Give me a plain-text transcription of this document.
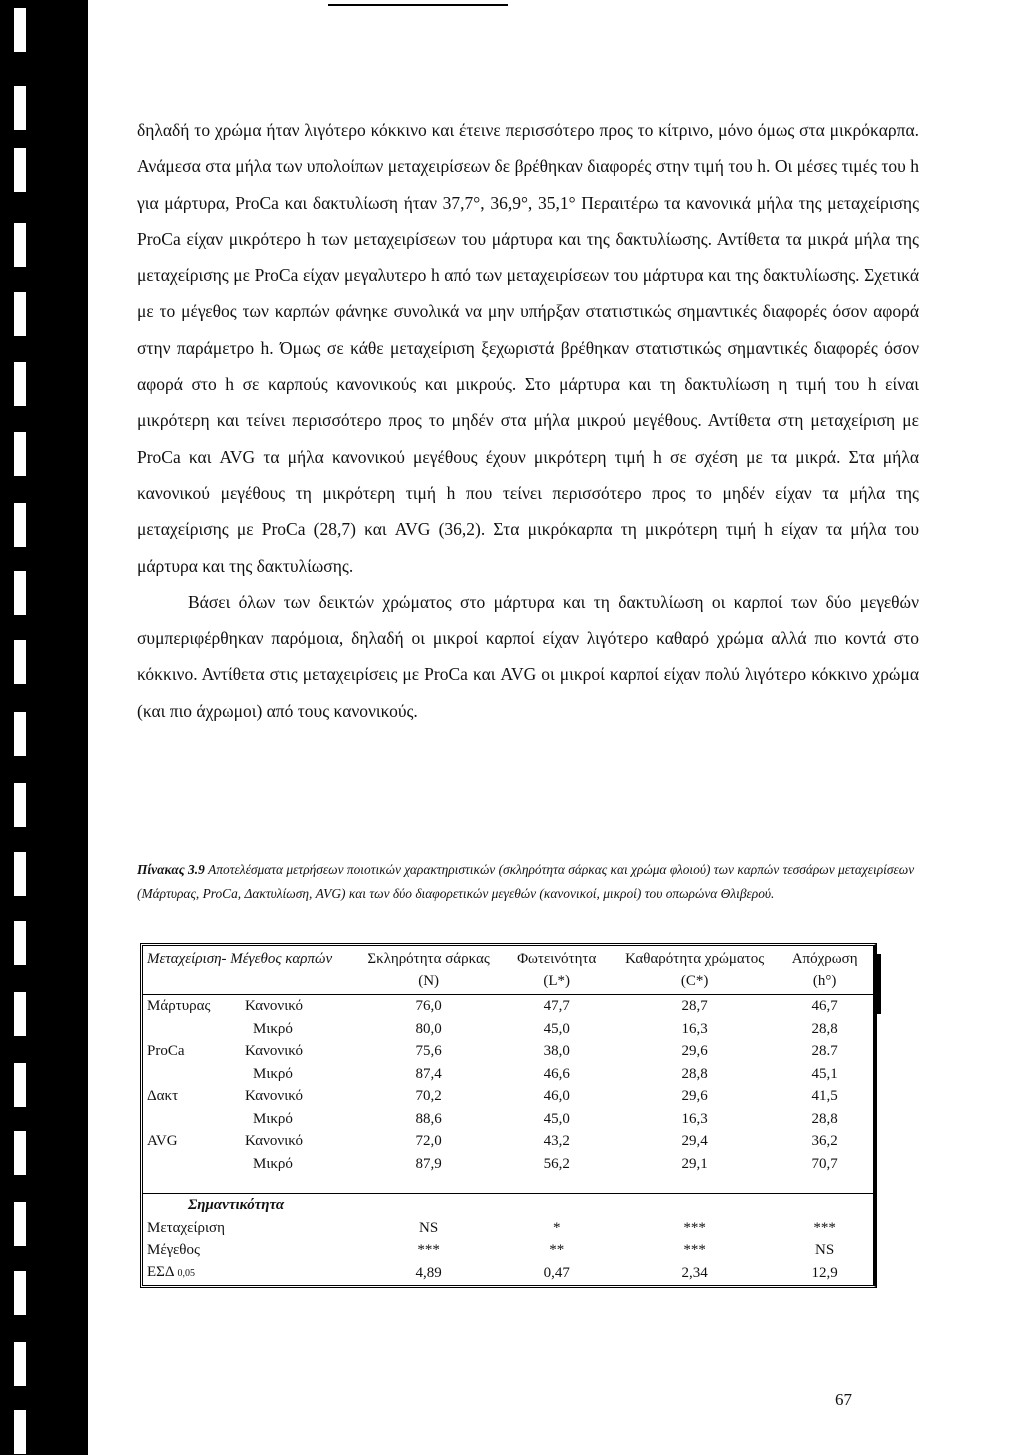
δηλαδή το χρώμα ήταν λιγότερο κόκκινο και έτεινε περισσότερο προς το κίτρινο, μόνο όμως στα μικρόκαρπα. Ανάμεσα στα μήλα των υπολοίπων μεταχειρίσεων δε βρέθηκαν διαφορές στην τιμή του h. Οι μέσες τιμές του h για μάρτυρα, ProCa και δακτυλίωση ήταν 37,7°, 36,9°, 35,1° Περαιτέρω τα κανονικά μήλα της μεταχείρισης ProCa είχαν μικρότερο h των μεταχειρίσεων του μάρτυρα και της δακτυλίωσης. Αντίθετα τα μικρά μήλα της μεταχείρισης με ProCa είχαν μεγαλυτερο h από των μεταχειρίσεων του μάρτυρα και της δακτυλίωσης. Σχετικά με το μέγεθος των καρπών φάνηκε συνολικά να μην υπήρξαν στατιστικώς σημαντικές διαφορές όσον αφορά στην παράμετρο h. Όμως σε κάθε μεταχείριση ξεχωριστά βρέθηκαν στατιστικώς σημαντικές διαφορές όσον αφορά στο h σε καρπούς κανονικούς και μικρούς. Στο μάρτυρα και τη δακτυλίωση η τιμή του h είναι μικρότερη και τείνει περισσότερο προς το μηδέν στα μήλα μικρού μεγέθους. Αντίθετα στη μεταχείριση με ProCa και AVG τα μήλα κανονικού μεγέθους έχουν μικρότερη τιμή h σε σχέση με τα μικρά. Στα μήλα κανονικού μεγέθους τη μικρότερη τιμή h που τείνει περισσότερο προς το μηδέν είχαν τα μήλα της μεταχείρισης με ProCa (28,7) και AVG (36,2). Στα μικρόκαρπα τη μικρότερη τιμή h είχαν τα μήλα του μάρτυρα και της δακτυλίωσης.

Βάσει όλων των δεικτών χρώματος στο μάρτυρα και τη δακτυλίωση οι καρποί των δύο μεγεθών συμπεριφέρθηκαν παρόμοια, δηλαδή οι μικροί καρποί είχαν λιγότερο καθαρό χρώμα αλλά πιο κοντά στο κόκκινο. Αντίθετα στις μεταχειρίσεις με ProCa και AVG οι μικροί καρποί είχαν πολύ λιγότερο κόκκινο χρώμα (και πιο άχρωμοι) από τους κανονικούς.

Πίνακας 3.9 Αποτελέσματα μετρήσεων ποιοτικών χαρακτηριστικών (σκληρότητα σάρκας και χρώμα φλοιού) των καρπών τεσσάρων μεταχειρίσεων (Μάρτυρας, ProCa, Δακτυλίωση, AVG) και των δύο διαφορετικών μεγεθών (κανονικοί, μικροί) του οπωρώνα Θλιβερού.
Μεταχείριση- Μέγεθος καρπών		Σκληρότητα σάρκας (N)	Φωτεινότητα (L*)	Καθαρότητα χρώματος (C*)	Απόχρωση (h°)
Μάρτυρας	Κανονικό	76,0	47,7	28,7	46,7
	Μικρό	80,0	45,0	16,3	28,8
ProCa	Κανονικό	75,6	38,0	29,6	28.7
	Μικρό	87,4	46,6	28,8	45,1
Δακτ	Κανονικό	70,2	46,0	29,6	41,5
	Μικρό	88,6	45,0	16,3	28,8
AVG	Κανονικό	72,0	43,2	29,4	36,2
	Μικρό	87,9	56,2	29,1	70,7

Σημαντικότητα					
Μεταχείριση		NS	*	***	***
Μέγεθος		***	**	***	NS
ΕΣΔ 0,05		4,89	0,47	2,34	12,9
67
